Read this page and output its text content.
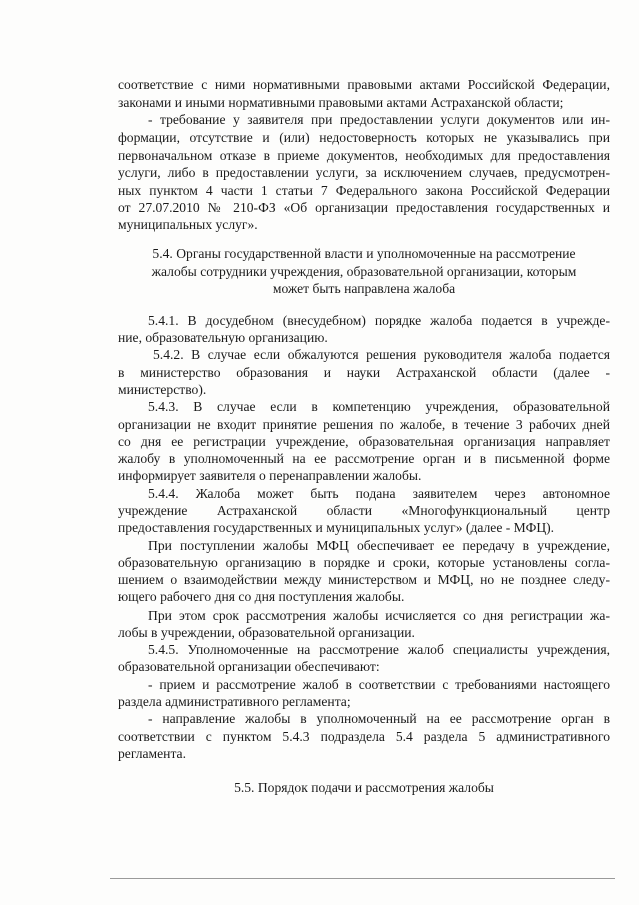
соответствие с ними нормативными правовыми актами Российской Федерации,
законами и иными нормативными правовыми актами Астраханской области;
- требование у заявителя при предоставлении услуги документов или ин-
формации, отсутствие и (или) недостоверность которых не указывались при
первоначальном отказе в приеме документов, необходимых для предоставления
услуги, либо в предоставлении услуги, за исключением случаев, предусмотрен-
ных пунктом 4 части 1 статьи 7 Федерального закона Российской Федерации
от 27.07.2010 № 210-ФЗ «Об организации предоставления государственных и
муниципальных услуг».
5.4. Органы государственной власти и уполномоченные на рассмотрение
жалобы сотрудники учреждения, образовательной организации, которым
может быть направлена жалоба
5.4.1. В досудебном (внесудебном) порядке жалоба подается в учрежде-
ние, образовательную организацию.
5.4.2. В случае если обжалуются решения руководителя жалоба подается
в министерство образования и науки Астраханской области (далее -
министерство).
5.4.3. В случае если в компетенцию учреждения, образовательной
организации не входит принятие решения по жалобе, в течение 3 рабочих дней
со дня ее регистрации учреждение, образовательная организация направляет
жалобу в уполномоченный на ее рассмотрение орган и в письменной форме
информирует заявителя о перенаправлении жалобы.
5.4.4. Жалоба может быть подана заявителем через автономное
учреждение Астраханской области «Многофункциональный центр
предоставления государственных и муниципальных услуг» (далее - МФЦ).
При поступлении жалобы МФЦ обеспечивает ее передачу в учреждение,
образовательную организацию в порядке и сроки, которые установлены согла-
шением о взаимодействии между министерством и МФЦ, но не позднее следу-
ющего рабочего дня со дня поступления жалобы.
При этом срок рассмотрения жалобы исчисляется со дня регистрации жа-
лобы в учреждении, образовательной организации.
5.4.5. Уполномоченные на рассмотрение жалоб специалисты учреждения,
образовательной организации обеспечивают:
- прием и рассмотрение жалоб в соответствии с требованиями настоящего
раздела административного регламента;
- направление жалобы в уполномоченный на ее рассмотрение орган в
соответствии с пунктом 5.4.3 подраздела 5.4 раздела 5 административного
регламента.
5.5. Порядок подачи и рассмотрения жалобы
